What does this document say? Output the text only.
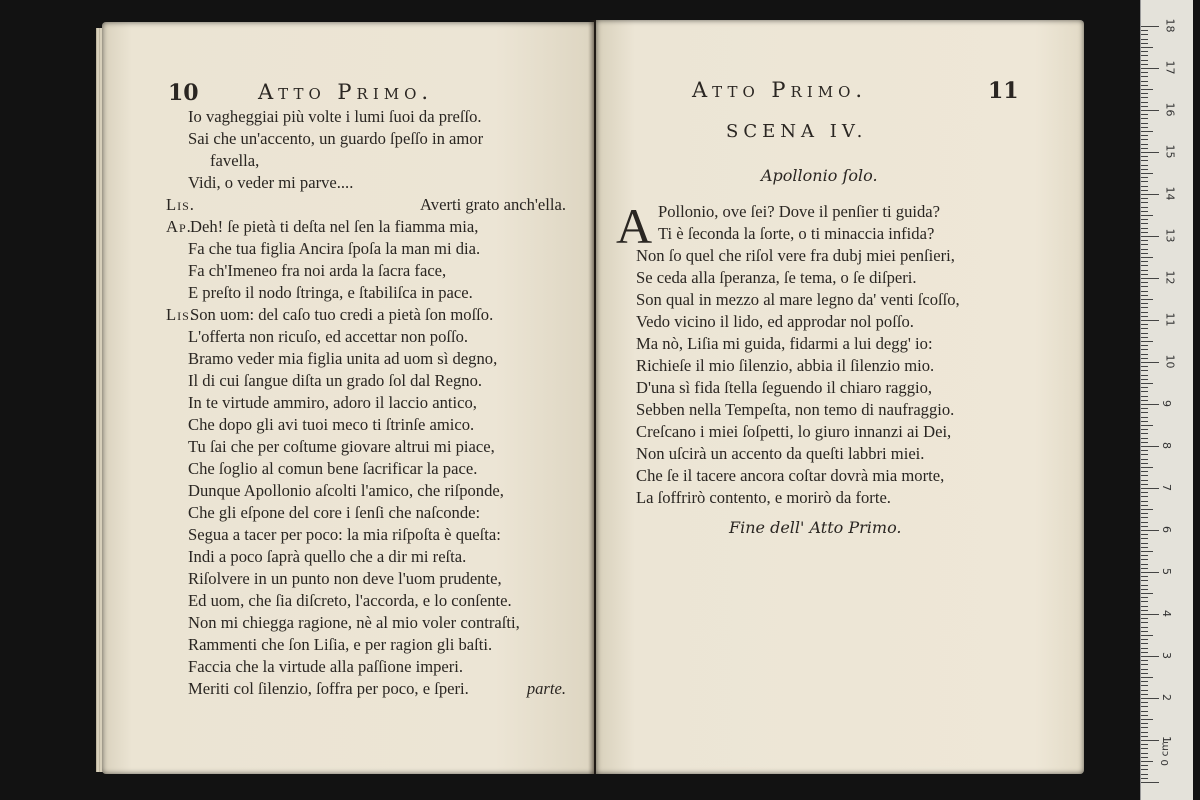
10	Atto Primo.
Io vagheggiai più volte i lumi ſuoi da preſſo.
Sai che un'accento, un guardo ſpeſſo in amor
favella,
Vidi, o veder mi parve....
Lis.	Averti grato anch'ella.
Ap.Deh! ſe pietà ti deſta nel ſen la fiamma mia,
Fa che tua figlia Ancira ſpoſa la man mi dia.
Fa ch'Imeneo fra noi arda la ſacra face,
E preſto il nodo ſtringa, e ſtabiliſca in pace.
Lis.Son uom: del caſo tuo credi a pietà ſon moſſo.
L'offerta non ricuſo, ed accettar non poſſo.
Bramo veder mia figlia unita ad uom sì degno,
Il di cui ſangue diſta un grado ſol dal Regno.
In te virtude ammiro, adoro il laccio antico,
Che dopo gli avi tuoi meco ti ſtrinſe amico.
Tu ſai che per coſtume giovare altrui mi piace,
Che ſoglio al comun bene ſacrificar la pace.
Dunque Apollonio aſcolti l'amico, che riſponde,
Che gli eſpone del core i ſenſi che naſconde:
Segua a tacer per poco: la mia riſpoſta è queſta:
Indi a poco ſaprà quello che a dir mi reſta.
Riſolvere in un punto non deve l'uom prudente,
Ed uom, che ſia diſcreto, l'accorda, e lo conſente.
Non mi chiegga ragione, nè al mio voler contraſti,
Rammenti che ſon Liſia, e per ragion gli baſti.
Faccia che la virtude alla paſſione imperi.
Meriti col ſilenzio, ſoffra per poco, e ſperi.	parte.
Atto Primo.	11
SCENA IV.
Apollonio ſolo.
A Pollonio, ove ſei? Dove il penſier ti guida?
Ti è ſeconda la ſorte, o ti minaccia infida?
Non ſo quel che riſol vere fra dubj miei penſieri,
Se ceda alla ſperanza, ſe tema, o ſe diſperi.
Son qual in mezzo al mare legno da' venti ſcoſſo,
Vedo vicino il lido, ed approdar nol poſſo.
Ma nò, Liſia mi guida, fidarmi a lui degg' io:
Richieſe il mio ſilenzio, abbia il ſilenzio mio.
D'una sì fida ſtella ſeguendo il chiaro raggio,
Sebben nella Tempeſta, non temo di naufraggio.
Creſcano i miei ſoſpetti, lo giuro innanzi ai Dei,
Non uſcirà un accento da queſti labbri miei.
Che ſe il tacere ancora coſtar dovrà mia morte,
La ſoffrirò contento, e morirò da forte.
Fine dell' Atto Primo.
0 cm
1
2
3
4
5
6
7
8
9
10
11
12
13
14
15
16
17
18
